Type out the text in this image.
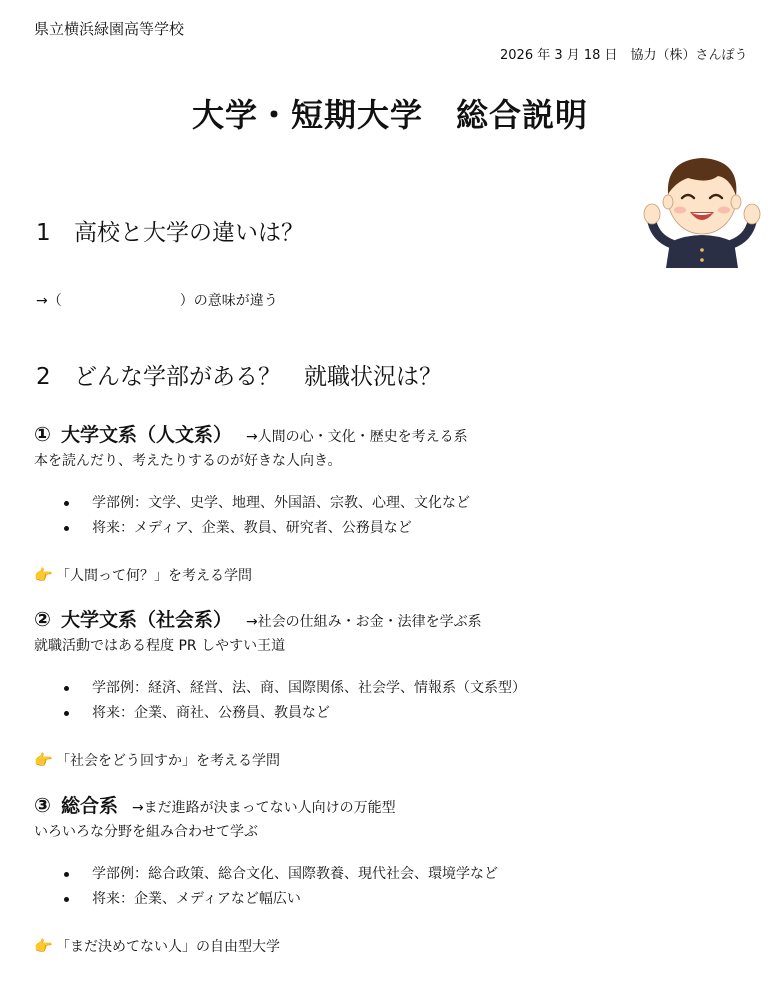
県立横浜緑園高等学校
2026 年 3 月 18 日　協力（株）さんぽう
大学・短期大学　総合説明
1 高校と大学の違いは？
→（	）の意味が違う
2 どんな学部がある？　就職状況は？
① 大学文系（人文系） →人間の心・文化・歴史を考える系
本を読んだり、考えたりするのが好きな人向き。
学部例：文学、史学、地理、外国語、宗教、心理、文化など
将来：メディア、企業、教員、研究者、公務員など
👉 「人間って何？」を考える学問
② 大学文系（社会系） →社会の仕組み・お金・法律を学ぶ系
就職活動ではある程度 PR しやすい王道
学部例：経済、経営、法、商、国際関係、社会学、情報系（文系型）
将来：企業、商社、公務員、教員など
👉 「社会をどう回すか」を考える学問
③ 総合系 →まだ進路が決まってない人向けの万能型
いろいろな分野を組み合わせて学ぶ
学部例：総合政策、総合文化、国際教養、現代社会、環境学など
将来：企業、メディアなど幅広い
👉 「まだ決めてない人」の自由型大学
